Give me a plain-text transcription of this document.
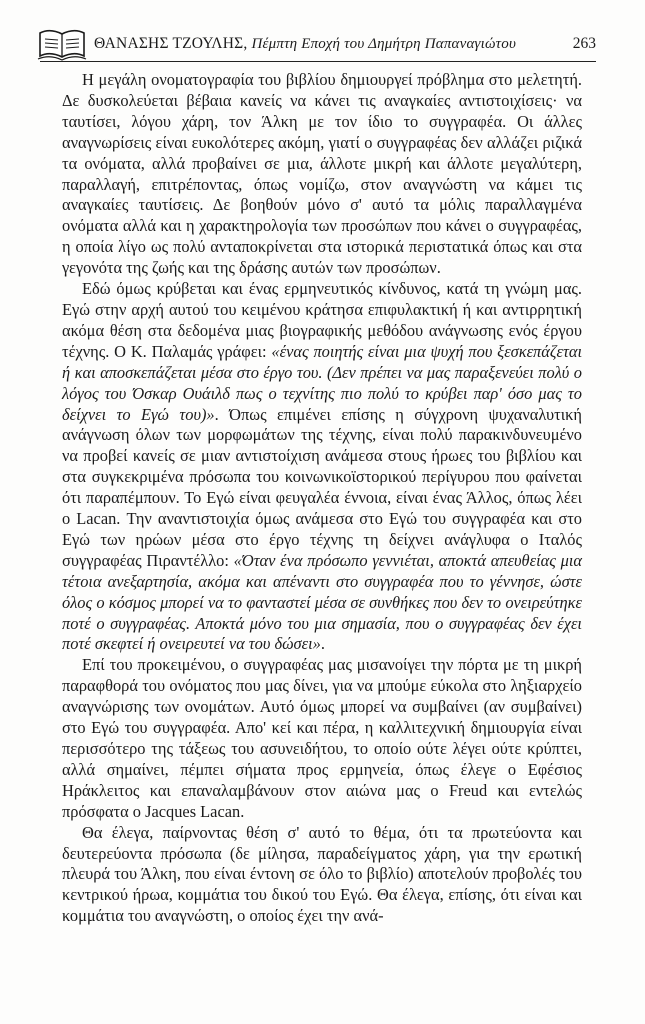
ΘΑΝΑΣΗΣ ΤΖΟΥΛΗΣ, Πέμπτη Εποχή του Δημήτρη Παπαναγιώτου	263

Η μεγάλη ονοματογραφία του βιβλίου δημιουργεί πρόβλημα στο μελετητή. Δε δυσκολεύεται βέβαια κανείς να κάνει τις αναγκαίες αντιστοιχίσεις· να ταυτίσει, λόγου χάρη, τον Άλκη με τον ίδιο το συγγραφέα. Οι άλλες αναγνωρίσεις είναι ευκολότερες ακόμη, γιατί ο συγγραφέας δεν αλλάζει ριζικά τα ονόματα, αλλά προβαίνει σε μια, άλλοτε μικρή και άλλοτε μεγαλύτερη, παραλλαγή, επιτρέποντας, όπως νομίζω, στον αναγνώστη να κάμει τις αναγκαίες ταυτίσεις. Δε βοηθούν μόνο σ' αυτό τα μόλις παραλλαγμένα ονόματα αλλά και η χαρακτηρολογία των προσώπων που κάνει ο συγγραφέας, η οποία λίγο ως πολύ ανταποκρίνεται στα ιστορικά περιστατικά όπως και στα γεγονότα της ζωής και της δράσης αυτών των προσώπων.

Εδώ όμως κρύβεται και ένας ερμηνευτικός κίνδυνος, κατά τη γνώμη μας. Εγώ στην αρχή αυτού του κειμένου κράτησα επιφυλακτική ή και αντιρρητική ακόμα θέση στα δεδομένα μιας βιογραφικής μεθόδου ανάγνωσης ενός έργου τέχνης. Ο Κ. Παλαμάς γράφει: «ένας ποιητής είναι μια ψυχή που ξεσκεπάζεται ή και αποσκεπάζεται μέσα στο έργο του. (Δεν πρέπει να μας παραξενεύει πολύ ο λόγος του Όσκαρ Ουάιλδ πως ο τεχνίτης πιο πολύ το κρύβει παρ' όσο μας το δείχνει το Εγώ του)». Όπως επιμένει επίσης η σύγχρονη ψυχαναλυτική ανάγνωση όλων των μορφωμάτων της τέχνης, είναι πολύ παρακινδυνευμένο να προβεί κανείς σε μιαν αντιστοίχιση ανάμεσα στους ήρωες του βιβλίου και στα συγκεκριμένα πρόσωπα του κοινωνικοϊστορικού περίγυρου που φαίνεται ότι παραπέμπουν. Το Εγώ είναι φευγαλέα έννοια, είναι ένας Άλλος, όπως λέει ο Lacan. Την αναντιστοιχία όμως ανάμεσα στο Εγώ του συγγραφέα και στο Εγώ των ηρώων μέσα στο έργο τέχνης τη δείχνει ανάγλυφα ο Ιταλός συγγραφέας Πιραντέλλο: «Όταν ένα πρόσωπο γεννιέται, αποκτά απευθείας μια τέτοια ανεξαρτησία, ακόμα και απέναντι στο συγγραφέα που το γέννησε, ώστε όλος ο κόσμος μπορεί να το φανταστεί μέσα σε συνθήκες που δεν το ονειρεύτηκε ποτέ ο συγγραφέας. Αποκτά μόνο του μια σημασία, που ο συγγραφέας δεν έχει ποτέ σκεφτεί ή ονειρευτεί να του δώσει».

Επί του προκειμένου, ο συγγραφέας μας μισανοίγει την πόρτα με τη μικρή παραφθορά του ονόματος που μας δίνει, για να μπούμε εύκολα στο ληξιαρχείο αναγνώρισης των ονομάτων. Αυτό όμως μπορεί να συμβαίνει (αν συμβαίνει) στο Εγώ του συγγραφέα. Απο' κεί και πέρα, η καλλιτεχνική δημιουργία είναι περισσότερο της τάξεως του ασυνειδήτου, το οποίο ούτε λέγει ούτε κρύπτει, αλλά σημαίνει, πέμπει σήματα προς ερμηνεία, όπως έλεγε ο Εφέσιος Ηράκλειτος και επαναλαμβάνουν στον αιώνα μας ο Freud και εντελώς πρόσφατα ο Jacques Lacan.

Θα έλεγα, παίρνοντας θέση σ' αυτό το θέμα, ότι τα πρωτεύοντα και δευτερεύοντα πρόσωπα (δε μίλησα, παραδείγματος χάρη, για την ερωτική πλευρά του Άλκη, που είναι έντονη σε όλο το βιβλίο) αποτελούν προβολές του κεντρικού ήρωα, κομμάτια του δικού του Εγώ. Θα έλεγα, επίσης, ότι είναι και κομμάτια του αναγνώστη, ο οποίος έχει την ανά-
